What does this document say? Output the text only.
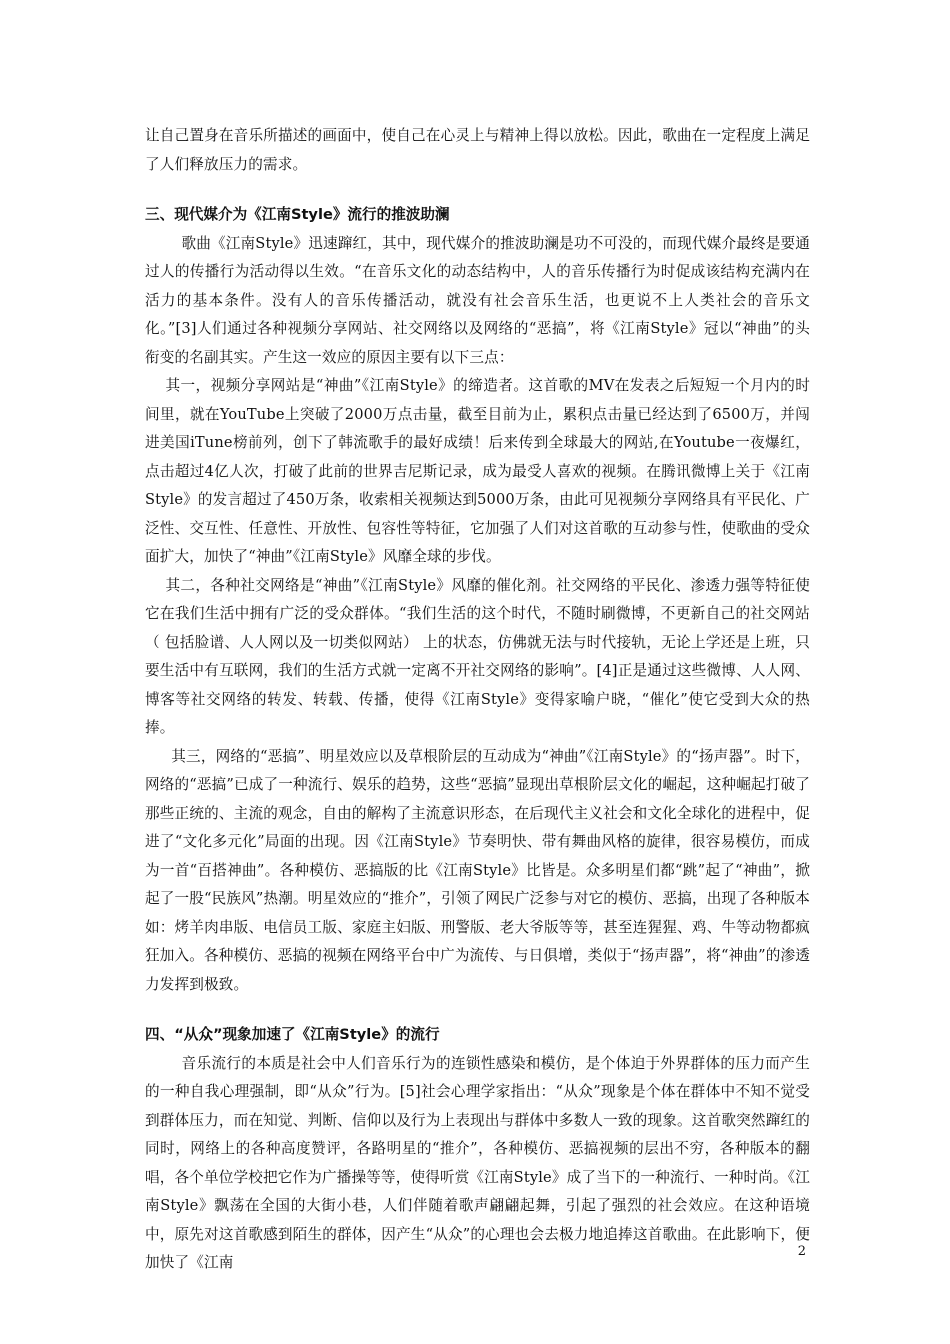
让自己置身在音乐所描述的画面中，使自己在心灵上与精神上得以放松。因此，歌曲在一定程度上满足了人们释放压力的需求。

三、现代媒介为《江南Style》流行的推波助澜

歌曲《江南Style》迅速蹿红，其中，现代媒介的推波助澜是功不可没的，而现代媒介最终是要通过人的传播行为活动得以生效。“在音乐文化的动态结构中，人的音乐传播行为时促成该结构充满内在活力的基本条件。没有人的音乐传播活动，就没有社会音乐生活，也更说不上人类社会的音乐文化。”[3]人们通过各种视频分享网站、社交网络以及网络的“恶搞”，将《江南Style》冠以“神曲”的头衔变的名副其实。产生这一效应的原因主要有以下三点：

其一，视频分享网站是“神曲”《江南Style》的缔造者。这首歌的MV在发表之后短短一个月内的时间里，就在YouTube上突破了2000万点击量，截至目前为止，累积点击量已经达到了6500万，并闯进美国iTune榜前列，创下了韩流歌手的最好成绩！后来传到全球最大的网站,在Youtube一夜爆红，点击超过4亿人次，打破了此前的世界吉尼斯记录，成为最受人喜欢的视频。在腾讯微博上关于《江南Style》的发言超过了450万条，收索相关视频达到5000万条，由此可见视频分享网络具有平民化、广泛性、交互性、任意性、开放性、包容性等特征，它加强了人们对这首歌的互动参与性，使歌曲的受众面扩大，加快了“神曲”《江南Style》风靡全球的步伐。

其二，各种社交网络是“神曲”《江南Style》风靡的催化剂。社交网络的平民化、渗透力强等特征使它在我们生活中拥有广泛的受众群体。“我们生活的这个时代，不随时刷微博，不更新自己的社交网站（ 包括脸谱、人人网以及一切类似网站） 上的状态，仿佛就无法与时代接轨，无论上学还是上班，只要生活中有互联网，我们的生活方式就一定离不开社交网络的影响”。[4]正是通过这些微博、人人网、博客等社交网络的转发、转载、传播，使得《江南Style》变得家喻户晓，“催化”使它受到大众的热捧。

其三，网络的“恶搞”、明星效应以及草根阶层的互动成为“神曲”《江南Style》的“扬声器”。时下，网络的“恶搞”已成了一种流行、娱乐的趋势，这些“恶搞”显现出草根阶层文化的崛起，这种崛起打破了那些正统的、主流的观念，自由的解构了主流意识形态，在后现代主义社会和文化全球化的进程中，促进了“文化多元化”局面的出现。因《江南Style》节奏明快、带有舞曲风格的旋律，很容易模仿，而成为一首“百搭神曲”。各种模仿、恶搞版的比《江南Style》比皆是。众多明星们都“跳”起了“神曲”，掀起了一股“民族风”热潮。明星效应的“推介”，引领了网民广泛参与对它的模仿、恶搞，出现了各种版本如：烤羊肉串版、电信员工版、家庭主妇版、刑警版、老大爷版等等，甚至连猩猩、鸡、牛等动物都疯狂加入。各种模仿、恶搞的视频在网络平台中广为流传、与日俱增，类似于“扬声器”，将“神曲”的渗透力发挥到极致。

四、“从众”现象加速了《江南Style》的流行

音乐流行的本质是社会中人们音乐行为的连锁性感染和模仿，是个体迫于外界群体的压力而产生的一种自我心理强制，即“从众”行为。[5]社会心理学家指出：“从众”现象是个体在群体中不知不觉受到群体压力，而在知觉、判断、信仰以及行为上表现出与群体中多数人一致的现象。这首歌突然蹿红的同时，网络上的各种高度赞评，各路明星的“推介”，各种模仿、恶搞视频的层出不穷，各种版本的翻唱，各个单位学校把它作为广播操等等，使得听赏《江南Style》成了当下的一种流行、一种时尚。《江南Style》飘荡在全国的大街小巷，人们伴随着歌声翩翩起舞，引起了强烈的社会效应。在这种语境中，原先对这首歌感到陌生的群体，因产生“从众”的心理也会去极力地追捧这首歌曲。在此影响下，便加快了《江南

2
